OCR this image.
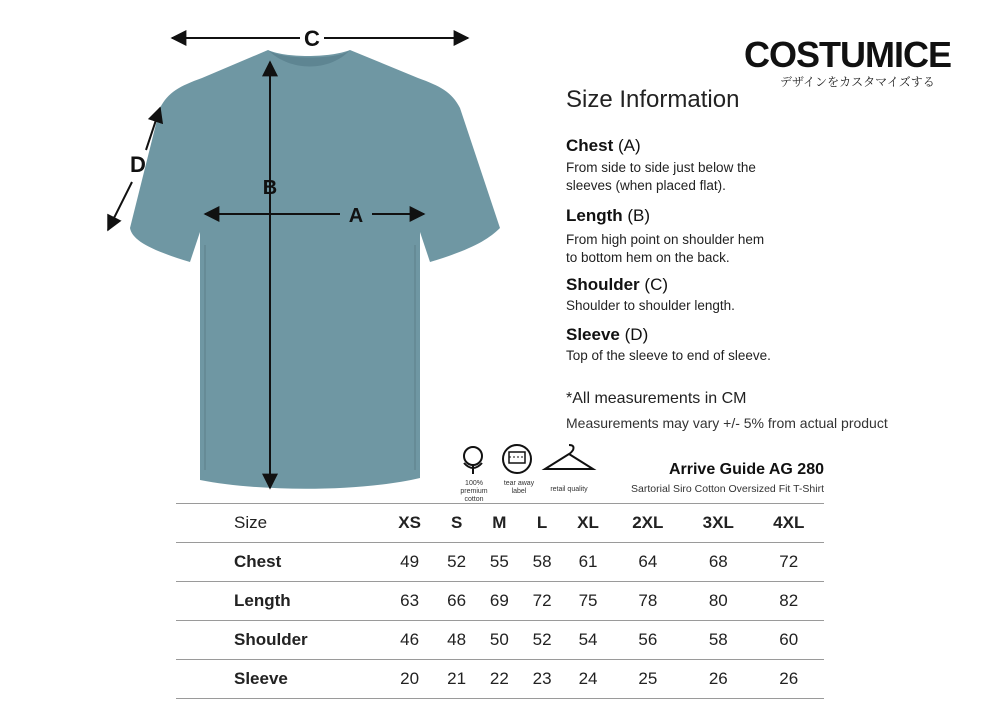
C
B
A
D
COSTUMICE
デザインをカスタマイズする
Size Information
Chest (A)
From side to side just below the
sleeves (when placed flat).
Length (B)
From high point on shoulder hem
to bottom hem on the back.
Shoulder (C)
Shoulder to shoulder length.
Sleeve (D)
Top of the sleeve to end of sleeve.
*All measurements in CM
Measurements may vary +/- 5% from actual product
100%
premium
cotton
tear away
label	retail quality
Arrive Guide AG 280
Sartorial Siro Cotton Oversized Fit T-Shirt
Size	XS	S	M	L	XL	2XL	3XL	4XL
Chest	49	52	55	58	61	64	68	72
Length	63	66	69	72	75	78	80	82
Shoulder	46	48	50	52	54	56	58	60
Sleeve	20	21	22	23	24	25	26	26
